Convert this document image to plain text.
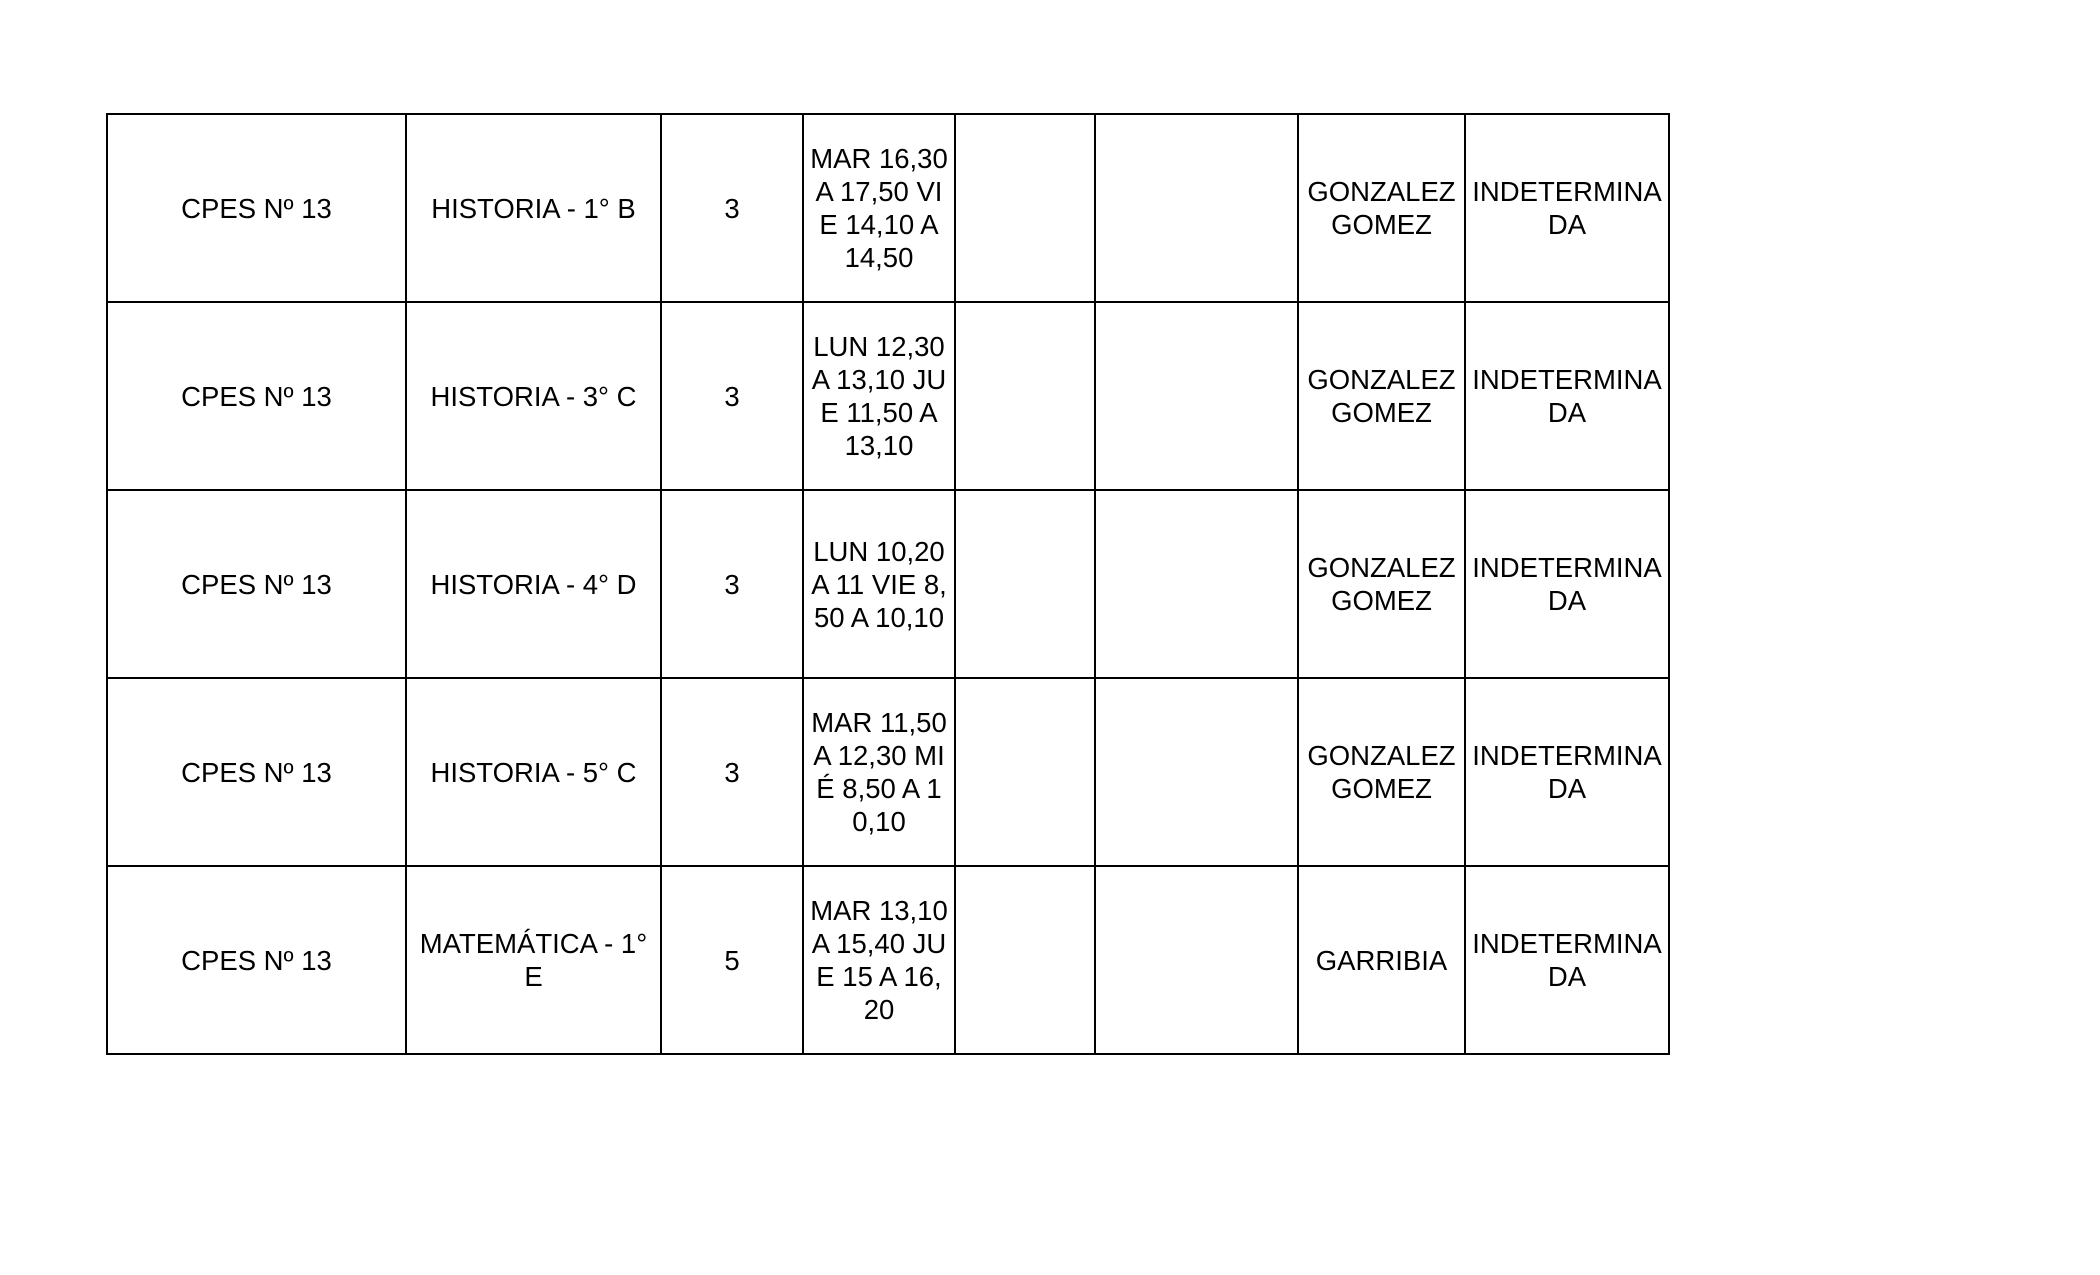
CPES Nº 13	HISTORIA - 1° B	3	MAR 16,30 A 17,50 VIE 14,10 A 14,50			GONZALEZ GOMEZ	INDETERMINADA

CPES Nº 13	HISTORIA - 3° C	3	LUN 12,30 A 13,10 JUE 11,50 A 13,10			GONZALEZ GOMEZ	INDETERMINADA

CPES Nº 13	HISTORIA - 4° D	3	LUN 10,20 A 11 VIE 8,50 A 10,10			GONZALEZ GOMEZ	INDETERMINADA

CPES Nº 13	HISTORIA - 5° C	3	MAR 11,50 A 12,30 MIÉ 8,50 A 10,10			GONZALEZ GOMEZ	INDETERMINADA

CPES Nº 13	MATEMÁTICA - 1° E	5	MAR 13,10 A 15,40 JUE 15 A 16,20			GARRIBIA	INDETERMINADA
